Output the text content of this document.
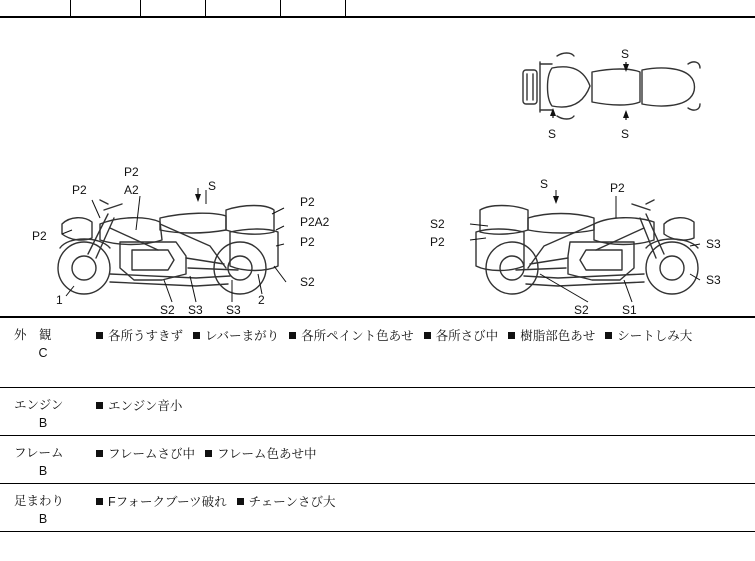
S
S	S
P2
P2
A2	S
P2
P2
P2A2
P2
S2
S2 S3 S3
1	2
S	P2
S2
P2	S3
S3
S2	S1
外　観
C
各所うすきず レバーまがり 各所ペイント色あせ 各所さび中 樹脂部色あせ シートしみ大
エンジン
B
エンジン音小
フレーム
B
フレームさび中 フレーム色あせ中
足まわり
B
Fフォークブーツ破れ チェーンさび大
